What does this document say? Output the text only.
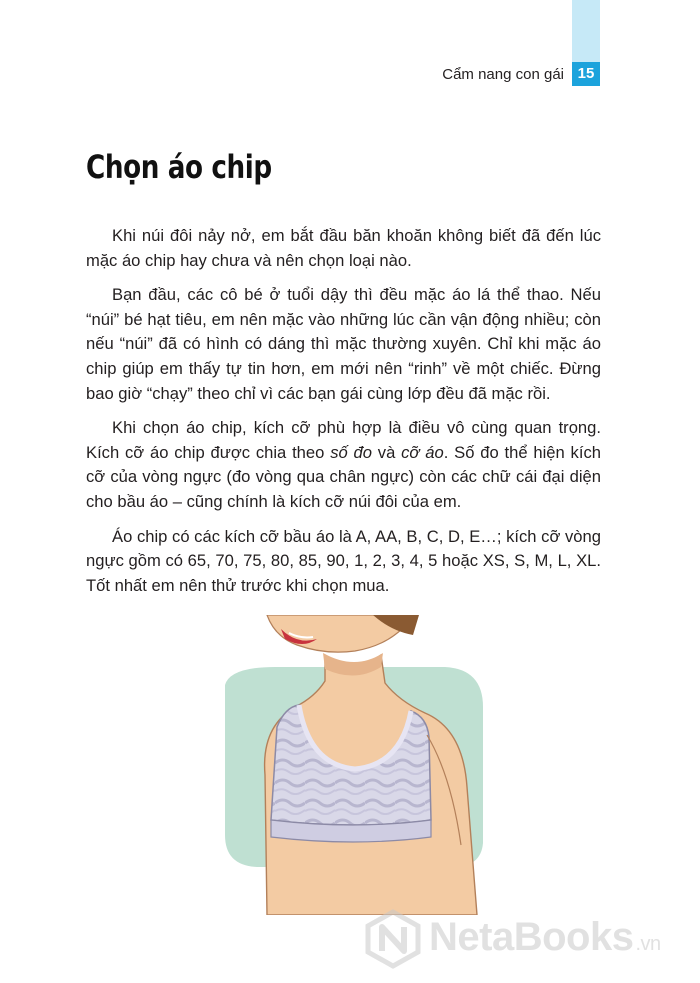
Cẩm nang con gái 15
Chọn áo chip

Khi núi đôi nảy nở, em bắt đầu băn khoăn không biết đã đến lúc mặc áo chip hay chưa và nên chọn loại nào.

Bạn đầu, các cô bé ở tuổi dậy thì đều mặc áo lá thể thao. Nếu “núi” bé hạt tiêu, em nên mặc vào những lúc cần vận động nhiều; còn nếu “núi” đã có hình có dáng thì mặc thường xuyên. Chỉ khi mặc áo chip giúp em thấy tự tin hơn, em mới nên “rinh” về một chiếc. Đừng bao giờ “chạy” theo chỉ vì các bạn gái cùng lớp đều đã mặc rồi.

Khi chọn áo chip, kích cỡ phù hợp là điều vô cùng quan trọng. Kích cỡ áo chip được chia theo số đo và cỡ áo. Số đo thể hiện kích cỡ của vòng ngực (đo vòng qua chân ngực) còn các chữ cái đại diện cho bầu áo – cũng chính là kích cỡ núi đôi của em.

Áo chip có các kích cỡ bầu áo là A, AA, B, C, D, E…; kích cỡ vòng ngực gồm có 65, 70, 75, 80, 85, 90, 1, 2, 3, 4, 5 hoặc XS, S, M, L, XL. Tốt nhất em nên thử trước khi chọn mua.

NetaBooks .vn
